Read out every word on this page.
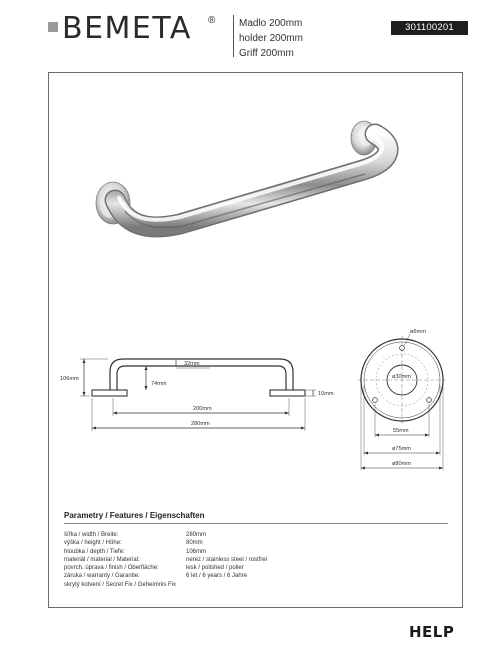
BEMETA ® Madlo 200mm
holder 200mm
Griff 200mm
301100201
106mm
32mm
74mm
10mm
200mm
280mm
ø6mm
ø30mm
55mm
ø75mm
ø80mm
Parametry / Features / Eigenschaften
šířka / width / Breite:	280mm
výška / height / Höhe:	80mm
hloubka / depth / Tiefe:	106mm
materiál / material / Material:	nerez / stainless steel / rostfrei
povrch. úprava / finish / Oberfläche:	lesk / polished / polier
záruka / warranty / Garantie:	6 let / 6 years / 6 Jahre
skrytý kotvení / Secret Fix / Geheimnis Fix
HELP
